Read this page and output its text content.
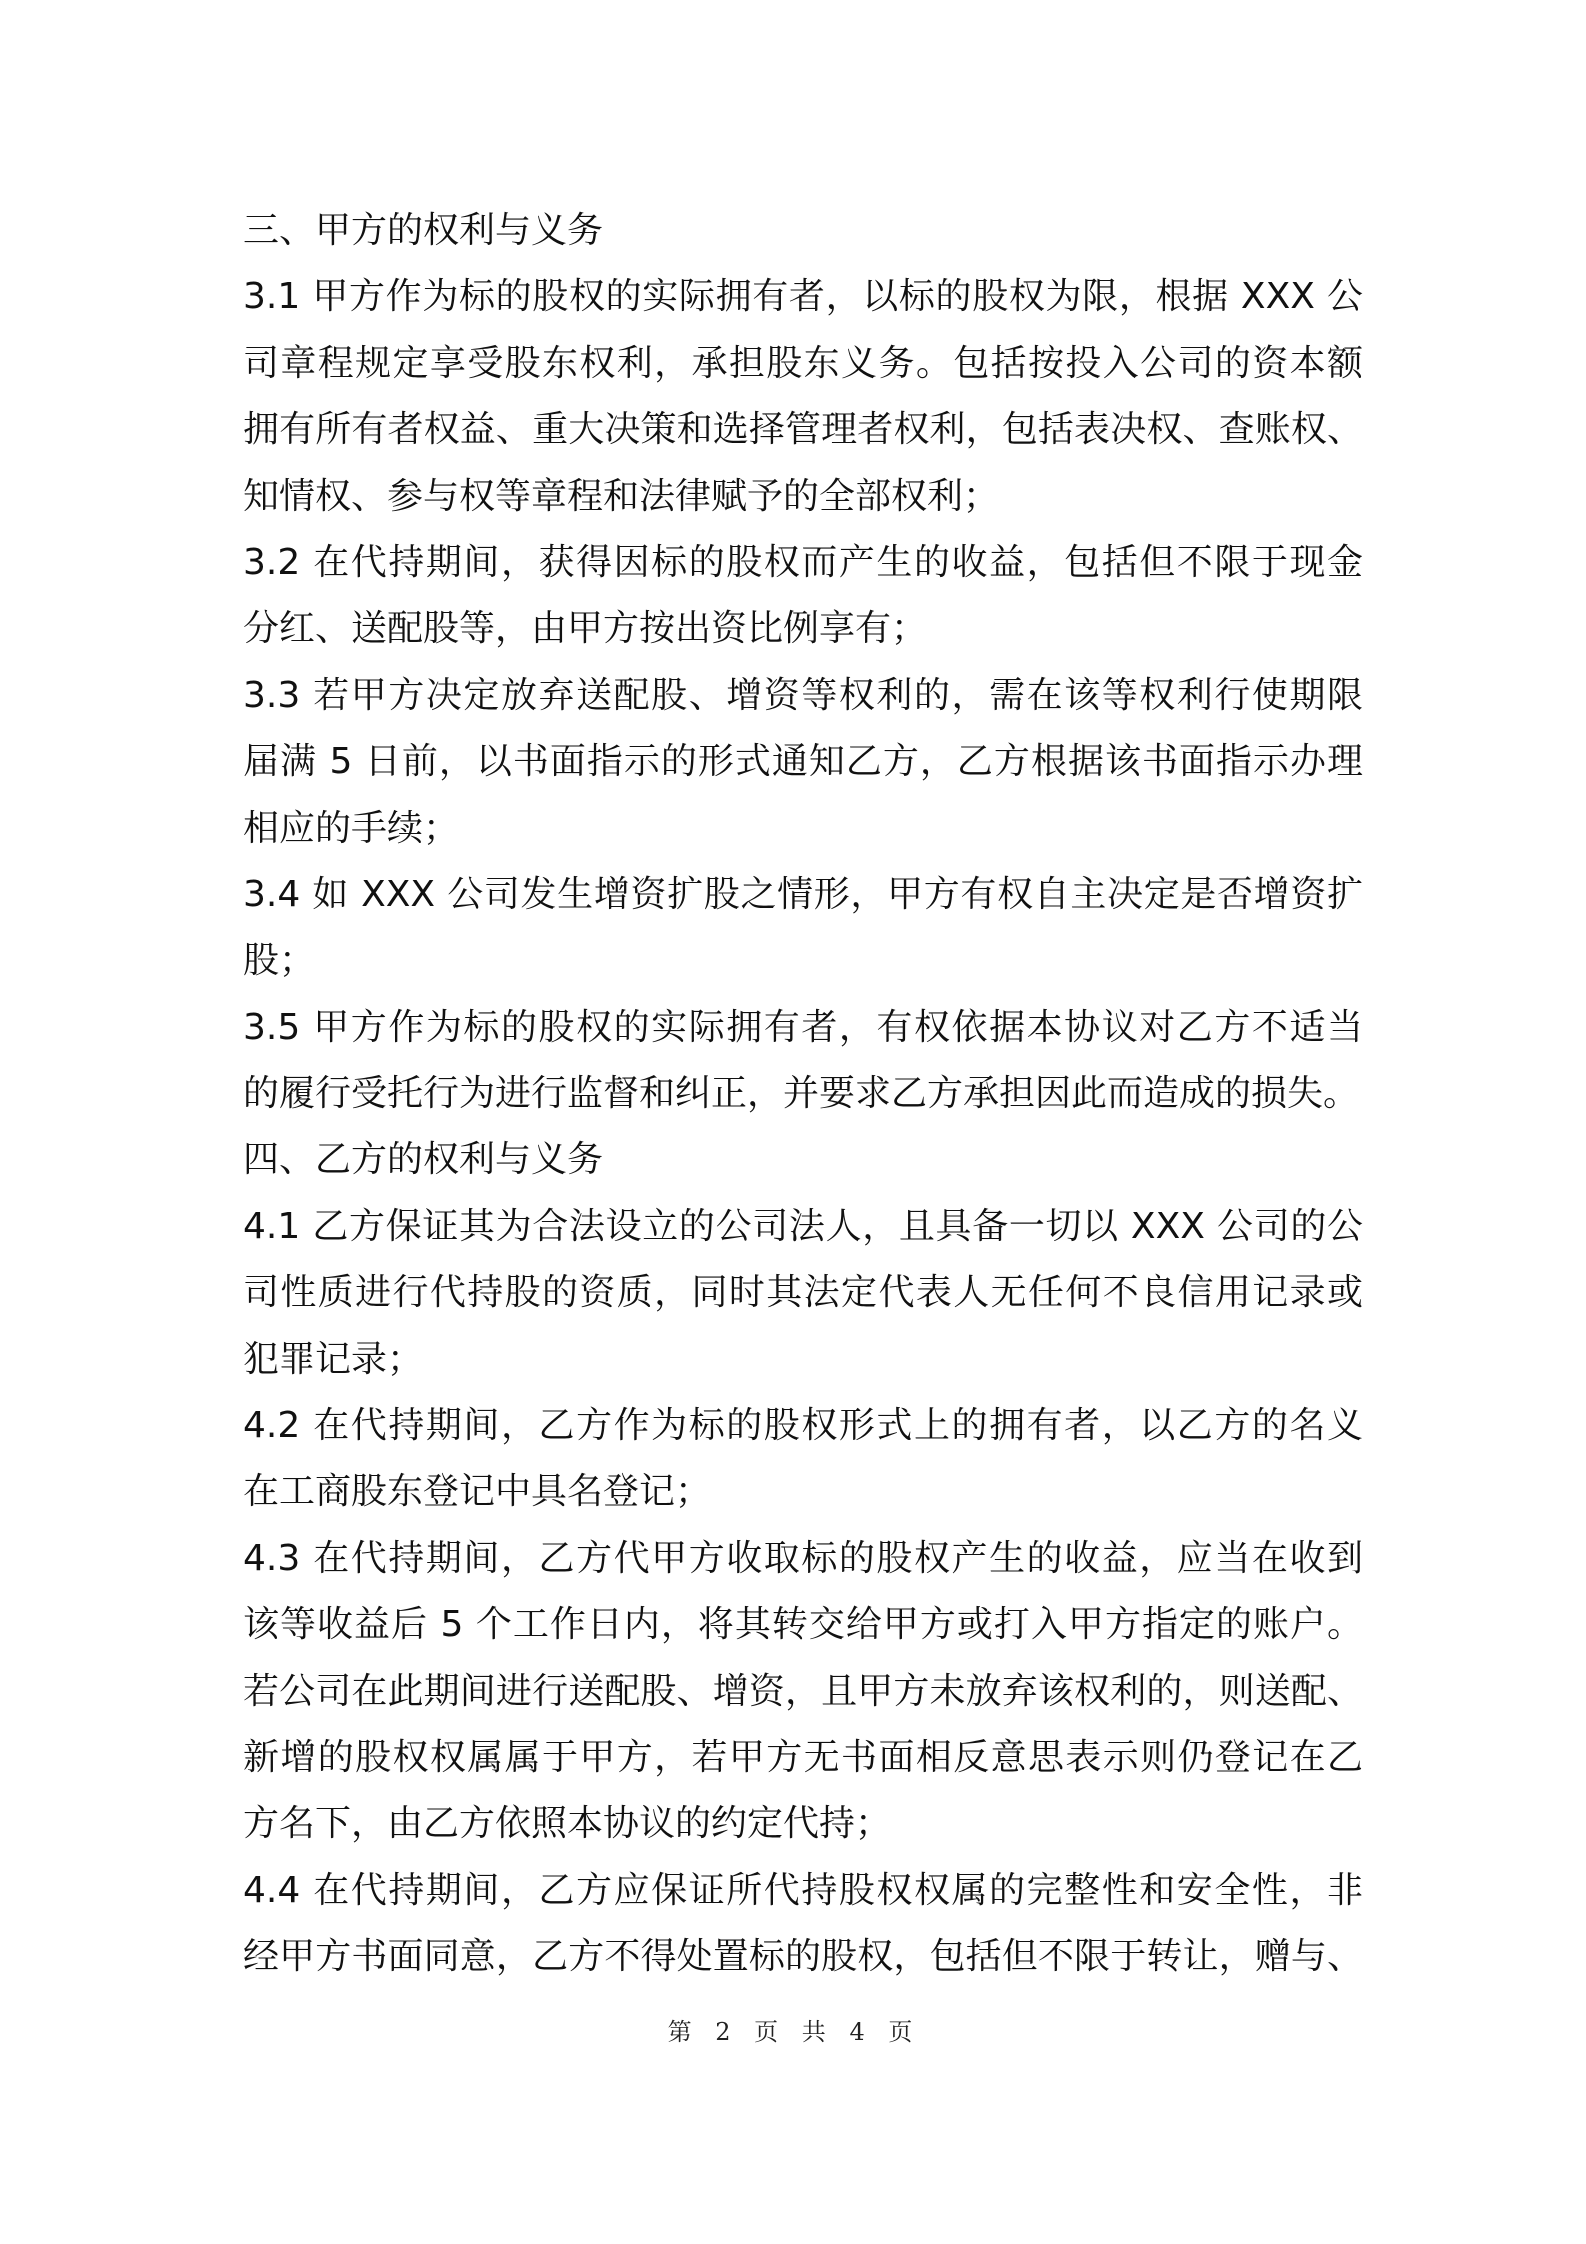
三、甲方的权利与义务
3.1 甲方作为标的股权的实际拥有者，以标的股权为限，根据 XXX 公
司章程规定享受股东权利，承担股东义务。包括按投入公司的资本额
拥有所有者权益、重大决策和选择管理者权利，包括表决权、查账权、
知情权、参与权等章程和法律赋予的全部权利；
3.2 在代持期间，获得因标的股权而产生的收益，包括但不限于现金
分红、送配股等，由甲方按出资比例享有；
3.3 若甲方决定放弃送配股、增资等权利的，需在该等权利行使期限
届满 5 日前，以书面指示的形式通知乙方，乙方根据该书面指示办理
相应的手续；
3.4 如 XXX 公司发生增资扩股之情形，甲方有权自主决定是否增资扩
股；
3.5 甲方作为标的股权的实际拥有者，有权依据本协议对乙方不适当
的履行受托行为进行监督和纠正，并要求乙方承担因此而造成的损失。
四、乙方的权利与义务
4.1 乙方保证其为合法设立的公司法人，且具备一切以 XXX 公司的公
司性质进行代持股的资质，同时其法定代表人无任何不良信用记录或
犯罪记录；
4.2 在代持期间，乙方作为标的股权形式上的拥有者，以乙方的名义
在工商股东登记中具名登记；
4.3 在代持期间，乙方代甲方收取标的股权产生的收益，应当在收到
该等收益后 5 个工作日内，将其转交给甲方或打入甲方指定的账户。
若公司在此期间进行送配股、增资，且甲方未放弃该权利的，则送配、
新增的股权权属属于甲方，若甲方无书面相反意思表示则仍登记在乙
方名下，由乙方依照本协议的约定代持；
4.4 在代持期间，乙方应保证所代持股权权属的完整性和安全性，非
经甲方书面同意，乙方不得处置标的股权，包括但不限于转让，赠与、
第 2 页 共 4 页
